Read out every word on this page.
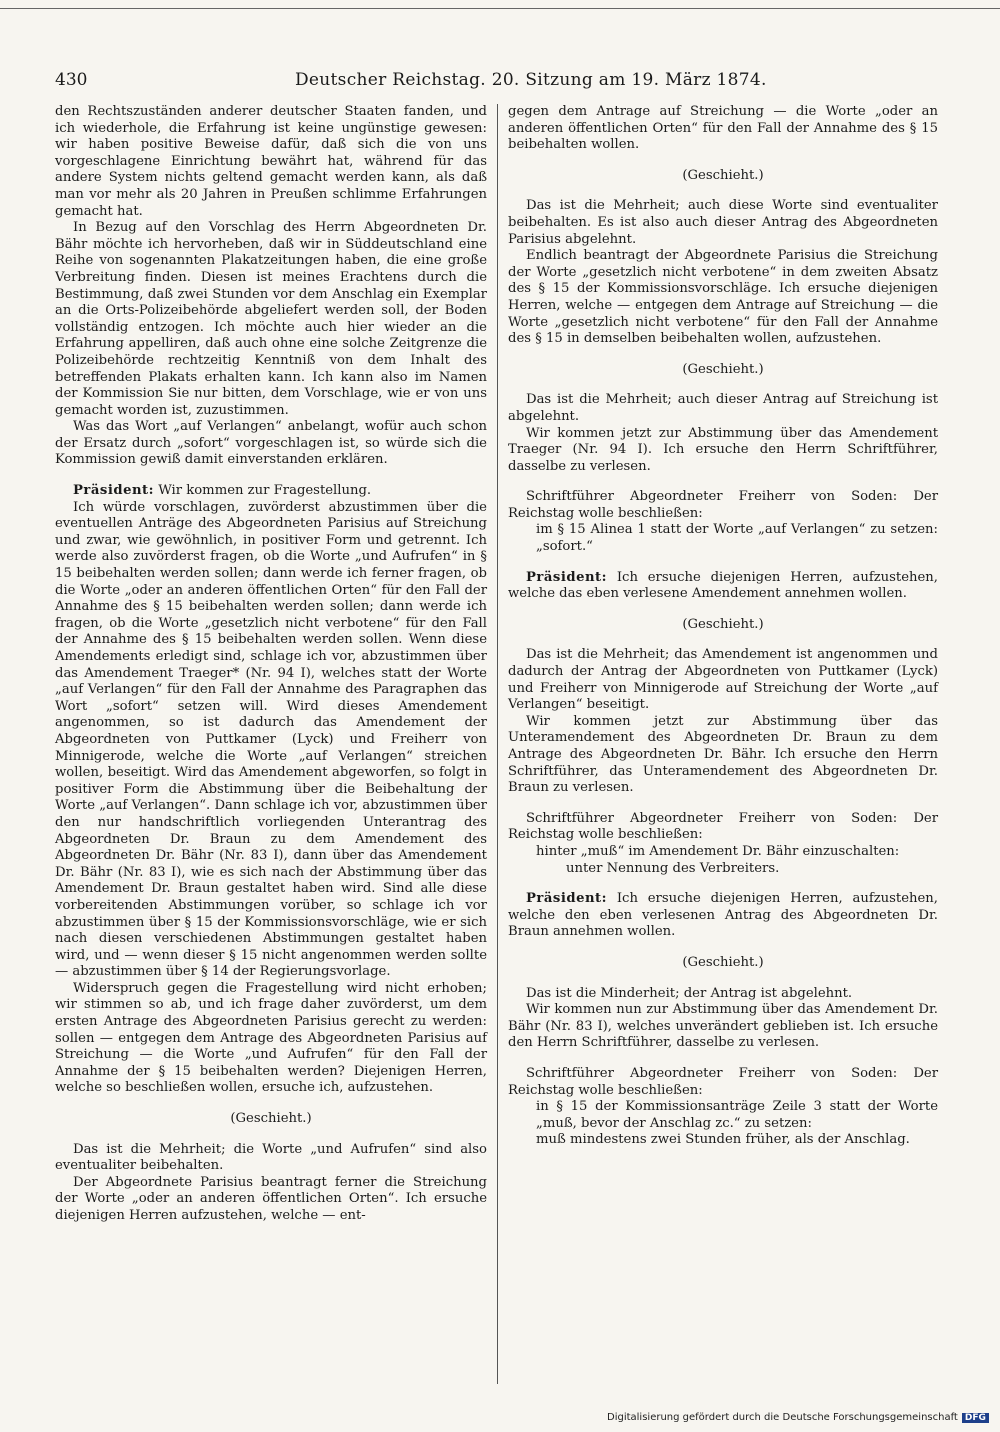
430	Deutscher Reichstag. 20. Sitzung am 19. März 1874.

den Rechtszuständen anderer deutscher Staaten fanden, und ich wiederhole, die Erfahrung ist keine ungünstige gewesen: wir haben positive Beweise dafür, daß sich die von uns vorgeschlagene Einrichtung bewährt hat, während für das andere System nichts geltend gemacht werden kann, als daß man vor mehr als 20 Jahren in Preußen schlimme Erfahrungen gemacht hat.

In Bezug auf den Vorschlag des Herrn Abgeordneten Dr. Bähr möchte ich hervorheben, daß wir in Süddeutschland eine Reihe von sogenannten Plakatzeitungen haben, die eine große Verbreitung finden. Diesen ist meines Erachtens durch die Bestimmung, daß zwei Stunden vor dem Anschlag ein Exemplar an die Orts-Polizeibehörde abgeliefert werden soll, der Boden vollständig entzogen. Ich möchte auch hier wieder an die Erfahrung appelliren, daß auch ohne eine solche Zeitgrenze die Polizeibehörde rechtzeitig Kenntniß von dem Inhalt des betreffenden Plakats erhalten kann. Ich kann also im Namen der Kommission Sie nur bitten, dem Vorschlage, wie er von uns gemacht worden ist, zuzustimmen.

Was das Wort „auf Verlangen“ anbelangt, wofür auch schon der Ersatz durch „sofort“ vorgeschlagen ist, so würde sich die Kommission gewiß damit einverstanden erklären.

Präsident: Wir kommen zur Fragestellung.

Ich würde vorschlagen, zuvörderst abzustimmen über die eventuellen Anträge des Abgeordneten Parisius auf Streichung und zwar, wie gewöhnlich, in positiver Form und getrennt. Ich werde also zuvörderst fragen, ob die Worte „und Aufrufen“ in § 15 beibehalten werden sollen; dann werde ich ferner fragen, ob die Worte „oder an anderen öffentlichen Orten“ für den Fall der Annahme des § 15 beibehalten werden sollen; dann werde ich fragen, ob die Worte „gesetzlich nicht verbotene“ für den Fall der Annahme des § 15 beibehalten werden sollen. Wenn diese Amendements erledigt sind, schlage ich vor, abzustimmen über das Amendement Traeger* (Nr. 94 I), welches statt der Worte „auf Verlangen“ für den Fall der Annahme des Paragraphen das Wort „sofort“ setzen will. Wird dieses Amendement angenommen, so ist dadurch das Amendement der Abgeordneten von Puttkamer (Lyck) und Freiherr von Minnigerode, welche die Worte „auf Verlangen“ streichen wollen, beseitigt. Wird das Amendement abgeworfen, so folgt in positiver Form die Abstimmung über die Beibehaltung der Worte „auf Verlangen“. Dann schlage ich vor, abzustimmen über den nur handschriftlich vorliegenden Unterantrag des Abgeordneten Dr. Braun zu dem Amendement des Abgeordneten Dr. Bähr (Nr. 83 I), dann über das Amendement Dr. Bähr (Nr. 83 I), wie es sich nach der Abstimmung über das Amendement Dr. Braun gestaltet haben wird. Sind alle diese vorbereitenden Abstimmungen vorüber, so schlage ich vor abzustimmen über § 15 der Kommissionsvorschläge, wie er sich nach diesen verschiedenen Abstimmungen gestaltet haben wird, und — wenn dieser § 15 nicht angenommen werden sollte — abzustimmen über § 14 der Regierungsvorlage.

Widerspruch gegen die Fragestellung wird nicht erhoben; wir stimmen so ab, und ich frage daher zuvörderst, um dem ersten Antrage des Abgeordneten Parisius gerecht zu werden: sollen — entgegen dem Antrage des Abgeordneten Parisius auf Streichung — die Worte „und Aufrufen“ für den Fall der Annahme der § 15 beibehalten werden? Diejenigen Herren, welche so beschließen wollen, ersuche ich, aufzustehen.

(Geschieht.)

Das ist die Mehrheit; die Worte „und Aufrufen“ sind also eventualiter beibehalten.

Der Abgeordnete Parisius beantragt ferner die Streichung der Worte „oder an anderen öffentlichen Orten“. Ich ersuche diejenigen Herren aufzustehen, welche — ent-

gegen dem Antrage auf Streichung — die Worte „oder an anderen öffentlichen Orten“ für den Fall der Annahme des § 15 beibehalten wollen.

(Geschieht.)

Das ist die Mehrheit; auch diese Worte sind eventualiter beibehalten. Es ist also auch dieser Antrag des Abgeordneten Parisius abgelehnt.

Endlich beantragt der Abgeordnete Parisius die Streichung der Worte „gesetzlich nicht verbotene“ in dem zweiten Absatz des § 15 der Kommissionsvorschläge. Ich ersuche diejenigen Herren, welche — entgegen dem Antrage auf Streichung — die Worte „gesetzlich nicht verbotene“ für den Fall der Annahme des § 15 in demselben beibehalten wollen, aufzustehen.

(Geschieht.)

Das ist die Mehrheit; auch dieser Antrag auf Streichung ist abgelehnt.

Wir kommen jetzt zur Abstimmung über das Amendement Traeger (Nr. 94 I). Ich ersuche den Herrn Schriftführer, dasselbe zu verlesen.

Schriftführer Abgeordneter Freiherr von Soden: Der Reichstag wolle beschließen:

im § 15 Alinea 1 statt der Worte „auf Verlangen“ zu setzen: „sofort.“

Präsident: Ich ersuche diejenigen Herren, aufzustehen, welche das eben verlesene Amendement annehmen wollen.

(Geschieht.)

Das ist die Mehrheit; das Amendement ist angenommen und dadurch der Antrag der Abgeordneten von Puttkamer (Lyck) und Freiherr von Minnigerode auf Streichung der Worte „auf Verlangen“ beseitigt.

Wir kommen jetzt zur Abstimmung über das Unteramendement des Abgeordneten Dr. Braun zu dem Antrage des Abgeordneten Dr. Bähr. Ich ersuche den Herrn Schriftführer, das Unteramendement des Abgeordneten Dr. Braun zu verlesen.

Schriftführer Abgeordneter Freiherr von Soden: Der Reichstag wolle beschließen:

hinter „muß“ im Amendement Dr. Bähr einzuschalten:

unter Nennung des Verbreiters.

Präsident: Ich ersuche diejenigen Herren, aufzustehen, welche den eben verlesenen Antrag des Abgeordneten Dr. Braun annehmen wollen.

(Geschieht.)

Das ist die Minderheit; der Antrag ist abgelehnt.

Wir kommen nun zur Abstimmung über das Amendement Dr. Bähr (Nr. 83 I), welches unverändert geblieben ist. Ich ersuche den Herrn Schriftführer, dasselbe zu verlesen.

Schriftführer Abgeordneter Freiherr von Soden: Der Reichstag wolle beschließen:

in § 15 der Kommissionsanträge Zeile 3 statt der Worte „muß, bevor der Anschlag zc.“ zu setzen:

muß mindestens zwei Stunden früher, als der Anschlag.

Digitalisierung gefördert durch die Deutsche Forschungsgemeinschaft DFG
